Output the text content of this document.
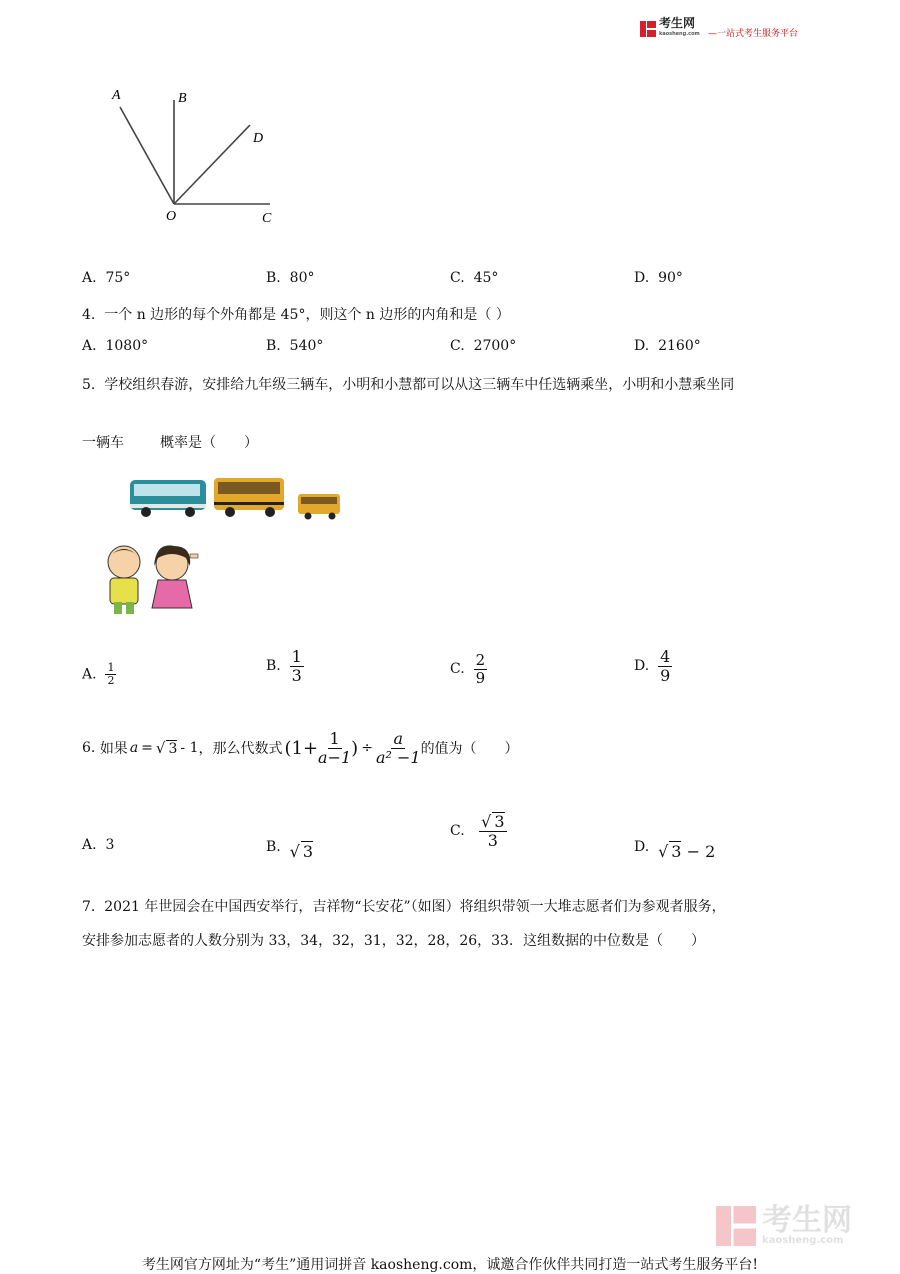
考生网
kaosheng.com —一站式考生服务平台
A	B
D
O	C
A. 75°	B. 80°	C. 45°	D. 90°
4. 一个 n 边形的每个外角都是 45°，则这个 n 边形的内角和是（ ）
A. 1080°	B. 540°	C. 2700°	D. 2160°
5. 学校组织春游，安排给九年级三辆车，小明和小慧都可以从这三辆车中任选辆乘坐，小明和小慧乘坐同
一辆车	概率是（　　）
A. $\frac{1}{2}$	B. $\frac{1}{3}$	C. $\frac{2}{9}$	D. $\frac{4}{9}$
6.
如果 a = √ 3 - 1 ，那么代数式 ($1+ \frac{1}{a-1}$ ) ÷ $\frac{a}{\text{a² −1}}$ 的值为（　　）
A. 3	B. √ 3
C.
$\frac{√ 3}{3}$	D. √ 3 − 2
7. 2021 年世园会在中国西安举行，吉祥物“长安花”（如图）将组织带领一大堆志愿者们为参观者服务，
安排参加志愿者的人数分别为 33，34，32，31，32，28，26，33．这组数据的中位数是（　　）
考生网
kaosheng.com
考生网官方网址为“考生”通用词拼音 kaosheng.com，诚邀合作伙伴共同打造一站式考生服务平台!
